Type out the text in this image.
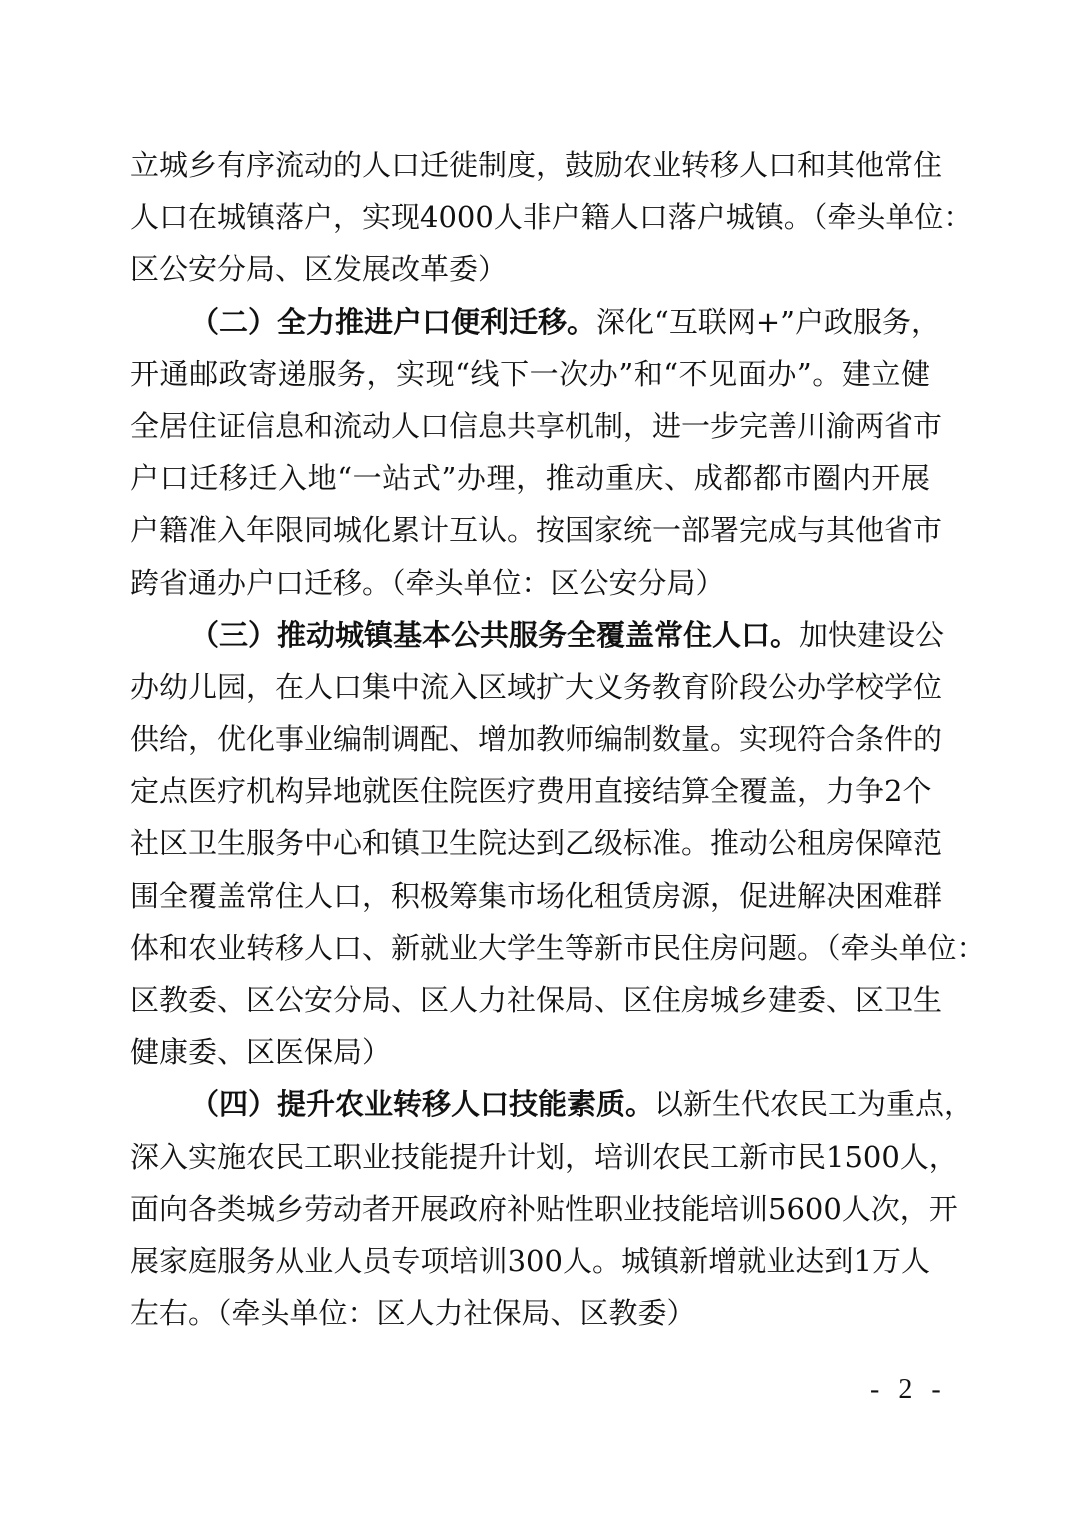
立城乡有序流动的人口迁徙制度，鼓励农业转移人口和其他常住
人口在城镇落户，实现4000人非户籍人口落户城镇。（牵头单位：
区公安分局、区发展改革委）
（二）全力推进户口便利迁移。深化“互联网+”户政服务，
开通邮政寄递服务，实现“线下一次办”和“不见面办”。建立健
全居住证信息和流动人口信息共享机制，进一步完善川渝两省市
户口迁移迁入地“一站式”办理，推动重庆、成都都市圈内开展
户籍准入年限同城化累计互认。按国家统一部署完成与其他省市
跨省通办户口迁移。（牵头单位：区公安分局）
（三）推动城镇基本公共服务全覆盖常住人口。加快建设公
办幼儿园，在人口集中流入区域扩大义务教育阶段公办学校学位
供给，优化事业编制调配、增加教师编制数量。实现符合条件的
定点医疗机构异地就医住院医疗费用直接结算全覆盖，力争2个
社区卫生服务中心和镇卫生院达到乙级标准。推动公租房保障范
围全覆盖常住人口，积极筹集市场化租赁房源，促进解决困难群
体和农业转移人口、新就业大学生等新市民住房问题。（牵头单位：
区教委、区公安分局、区人力社保局、区住房城乡建委、区卫生
健康委、区医保局）
（四）提升农业转移人口技能素质。以新生代农民工为重点，
深入实施农民工职业技能提升计划，培训农民工新市民1500人，
面向各类城乡劳动者开展政府补贴性职业技能培训5600人次，开
展家庭服务从业人员专项培训300人。城镇新增就业达到1万人
左右。（牵头单位：区人力社保局、区教委）
- 2 -
